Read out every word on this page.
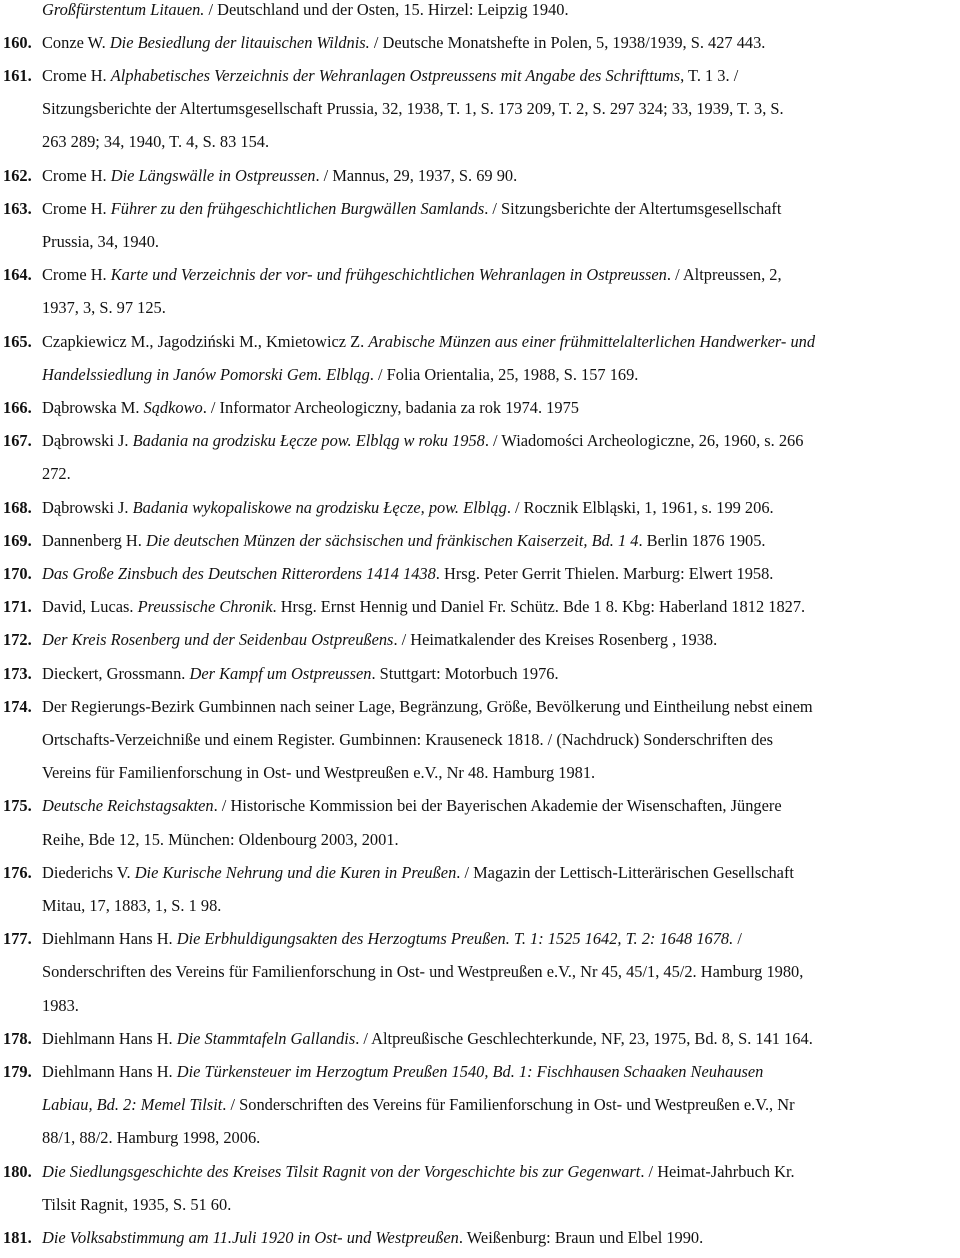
Großfürstentum Litauen. / Deutschland und der Osten, 15. Hirzel: Leipzig 1940.
160. Conze W. Die Besiedlung der litauischen Wildnis. / Deutsche Monatshefte in Polen, 5, 1938/1939, S. 427 443.
161. Crome H. Alphabetisches Verzeichnis der Wehranlagen Ostpreussens mit Angabe des Schrifttums, T. 1 3. /
Sitzungsberichte der Altertumsgesellschaft Prussia, 32, 1938, T. 1, S. 173 209, T. 2, S. 297 324; 33, 1939, T. 3, S.
263 289; 34, 1940, T. 4, S. 83 154.
162. Crome H. Die Längswälle in Ostpreussen. / Mannus, 29, 1937, S. 69 90.
163. Crome H. Führer zu den frühgeschichtlichen Burgwällen Samlands. / Sitzungsberichte der Altertumsgesellschaft
Prussia, 34, 1940.
164. Crome H. Karte und Verzeichnis der vor- und frühgeschichtlichen Wehranlagen in Ostpreussen. / Altpreussen, 2,
1937, 3, S. 97 125.
165. Czapkiewicz M., Jagodziński M., Kmietowicz Z. Arabische Münzen aus einer frühmittelalterlichen Handwerker- und
Handelssiedlung in Janów Pomorski Gem. Elbląg. / Folia Orientalia, 25, 1988, S. 157 169.
166. Dąbrowska M. Sądkowo. / Informator Archeologiczny, badania za rok 1974. 1975
167. Dąbrowski J. Badania na grodzisku Łęcze pow. Elbląg w roku 1958. / Wiadomości Archeologiczne, 26, 1960, s. 266
272.
168. Dąbrowski J. Badania wykopaliskowe na grodzisku Łęcze, pow. Elbląg. / Rocznik Elbląski, 1, 1961, s. 199 206.
169. Dannenberg H. Die deutschen Münzen der sächsischen und fränkischen Kaiserzeit, Bd. 1 4. Berlin 1876 1905.
170. Das Große Zinsbuch des Deutschen Ritterordens 1414 1438. Hrsg. Peter Gerrit Thielen. Marburg: Elwert 1958.
171. David, Lucas. Preussische Chronik. Hrsg. Ernst Hennig und Daniel Fr. Schütz. Bde 1 8. Kbg: Haberland 1812 1827.
172. Der Kreis Rosenberg und der Seidenbau Ostpreußens. / Heimatkalender des Kreises Rosenberg , 1938.
173. Dieckert, Grossmann. Der Kampf um Ostpreussen. Stuttgart: Motorbuch 1976.
174. Der Regierungs-Bezirk Gumbinnen nach seiner Lage, Begränzung, Größe, Bevölkerung und Eintheilung nebst einem
Ortschafts-Verzeichniße und einem Register. Gumbinnen: Krauseneck 1818. / (Nachdruck) Sonderschriften des
Vereins für Familienforschung in Ost- und Westpreußen e.V., Nr 48. Hamburg 1981.
175. Deutsche Reichstagsakten. / Historische Kommission bei der Bayerischen Akademie der Wisenschaften, Jüngere
Reihe, Bde 12, 15. München: Oldenbourg 2003, 2001.
176. Diederichs V. Die Kurische Nehrung und die Kuren in Preußen. / Magazin der Lettisch-Litterärischen Gesellschaft
Mitau, 17, 1883, 1, S. 1 98.
177. Diehlmann Hans H. Die Erbhuldigungsakten des Herzogtums Preußen. T. 1: 1525 1642, T. 2: 1648 1678. /
Sonderschriften des Vereins für Familienforschung in Ost- und Westpreußen e.V., Nr 45, 45/1, 45/2. Hamburg 1980,
1983.
178. Diehlmann Hans H. Die Stammtafeln Gallandis. / Altpreußische Geschlechterkunde, NF, 23, 1975, Bd. 8, S. 141 164.
179. Diehlmann Hans H. Die Türkensteuer im Herzogtum Preußen 1540, Bd. 1: Fischhausen Schaaken Neuhausen
Labiau, Bd. 2: Memel Tilsit. / Sonderschriften des Vereins für Familienforschung in Ost- und Westpreußen e.V., Nr
88/1, 88/2. Hamburg 1998, 2006.
180. Die Siedlungsgeschichte des Kreises Tilsit Ragnit von der Vorgeschichte bis zur Gegenwart. / Heimat-Jahrbuch Kr.
Tilsit Ragnit, 1935, S. 51 60.
181. Die Volksabstimmung am 11.Juli 1920 in Ost- und Westpreußen. Weißenburg: Braun und Elbel 1990.
